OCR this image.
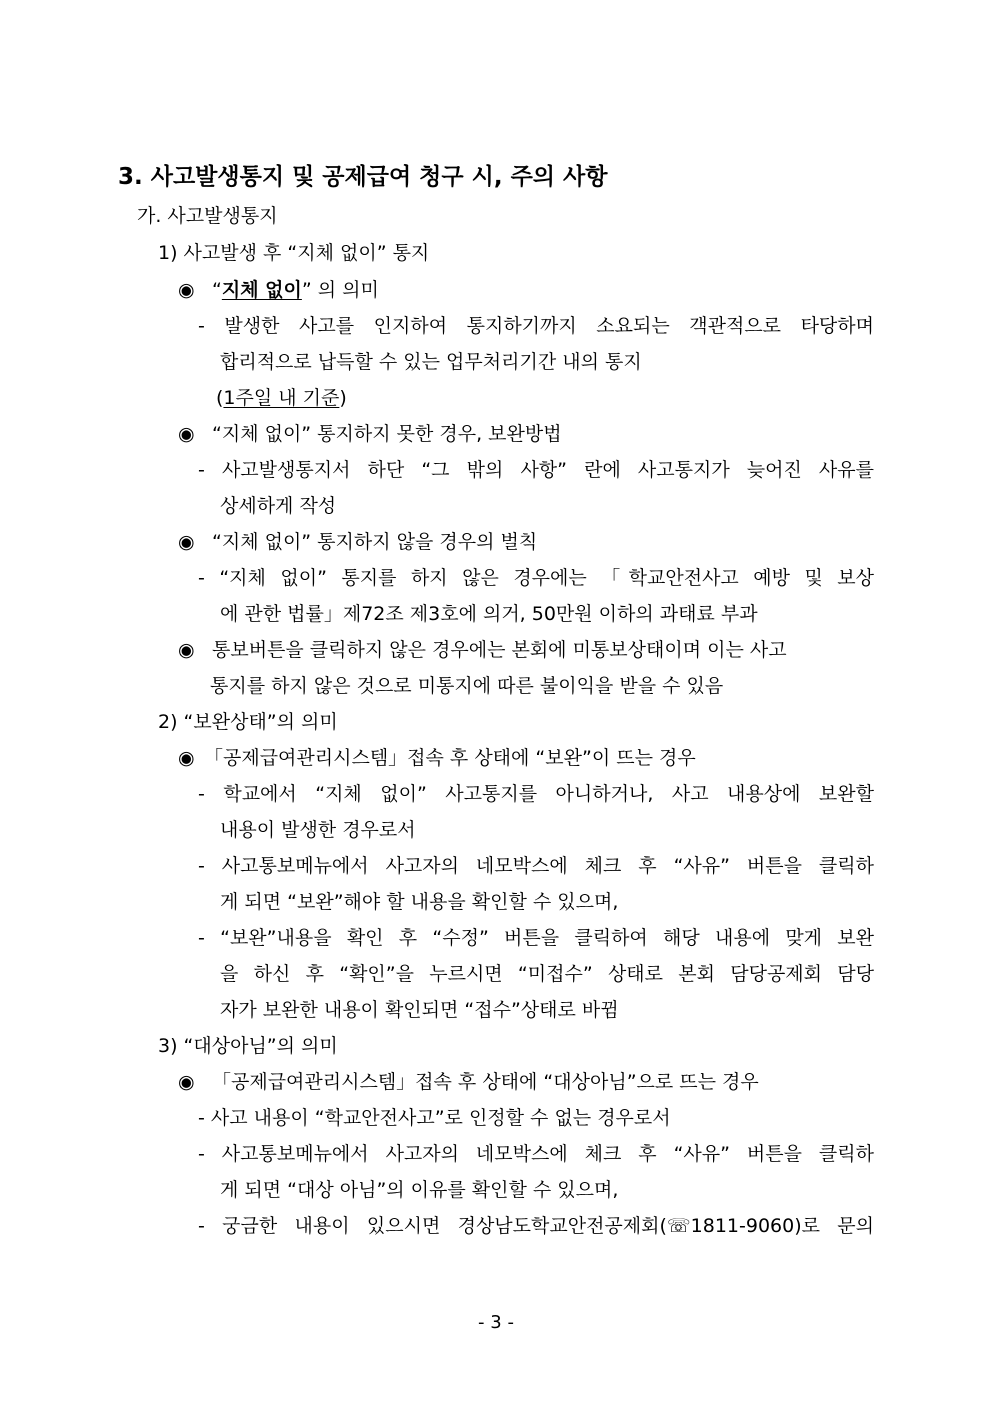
3. 사고발생통지 및 공제급여 청구 시, 주의 사항
가. 사고발생통지
1) 사고발생 후 “지체 없이” 통지
◉ “지체 없이” 의 의미
- 발생한 사고를 인지하여 통지하기까지 소요되는 객관적으로 타당하며
합리적으로 납득할 수 있는 업무처리기간 내의 통지
(1주일 내 기준)
◉ “지체 없이” 통지하지 못한 경우, 보완방법
- 사고발생통지서 하단 “그 밖의 사항” 란에 사고통지가 늦어진 사유를
상세하게 작성
◉ “지체 없이” 통지하지 않을 경우의 벌칙
- “지체 없이” 통지를 하지 않은 경우에는 「학교안전사고 예방 및 보상
에 관한 법률」제72조 제3호에 의거, 50만원 이하의 과태료 부과
◉ 통보버튼을 클릭하지 않은 경우에는 본회에 미통보상태이며 이는 사고
통지를 하지 않은 것으로 미통지에 따른 불이익을 받을 수 있음
2) “보완상태”의 의미
◉ 「공제급여관리시스템」접속 후 상태에 “보완”이 뜨는 경우
- 학교에서 “지체 없이” 사고통지를 아니하거나, 사고 내용상에 보완할
내용이 발생한 경우로서
- 사고통보메뉴에서 사고자의 네모박스에 체크 후 “사유” 버튼을 클릭하
게 되면 “보완”해야 할 내용을 확인할 수 있으며,
- “보완”내용을 확인 후 “수정” 버튼을 클릭하여 해당 내용에 맞게 보완
을 하신 후 “확인”을 누르시면 “미접수” 상태로 본회 담당공제회 담당
자가 보완한 내용이 확인되면 “접수”상태로 바뀜
3) “대상아님”의 의미
◉ 「공제급여관리시스템」접속 후 상태에 “대상아님”으로 뜨는 경우
- 사고 내용이 “학교안전사고”로 인정할 수 없는 경우로서
- 사고통보메뉴에서 사고자의 네모박스에 체크 후 “사유” 버튼을 클릭하
게 되면 “대상 아님”의 이유를 확인할 수 있으며,
- 궁금한 내용이 있으시면 경상남도학교안전공제회(☏1811-9060)로 문의
- 3 -
